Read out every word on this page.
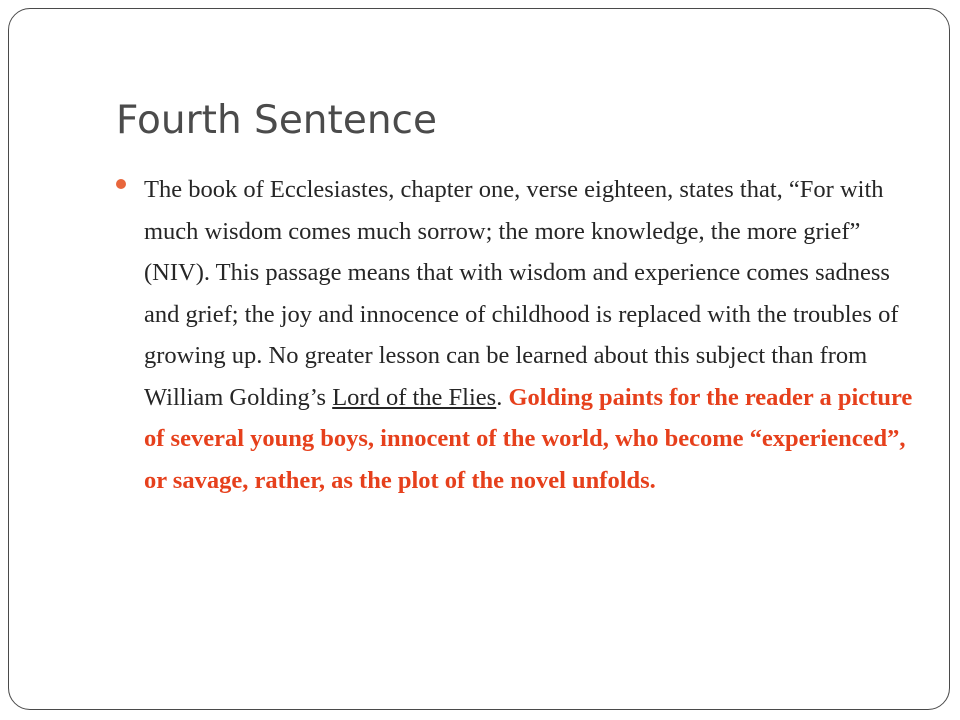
Fourth Sentence

The book of Ecclesiastes, chapter one, verse eighteen, states that, “For with much wisdom comes much sorrow; the more knowledge, the more grief” (NIV). This passage means that with wisdom and experience comes sadness and grief; the joy and innocence of childhood is replaced with the troubles of growing up. No greater lesson can be learned about this subject than from William Golding’s Lord of the Flies. Golding paints for the reader a picture of several young boys, innocent of the world, who become “experienced”, or savage, rather, as the plot of the novel unfolds.
